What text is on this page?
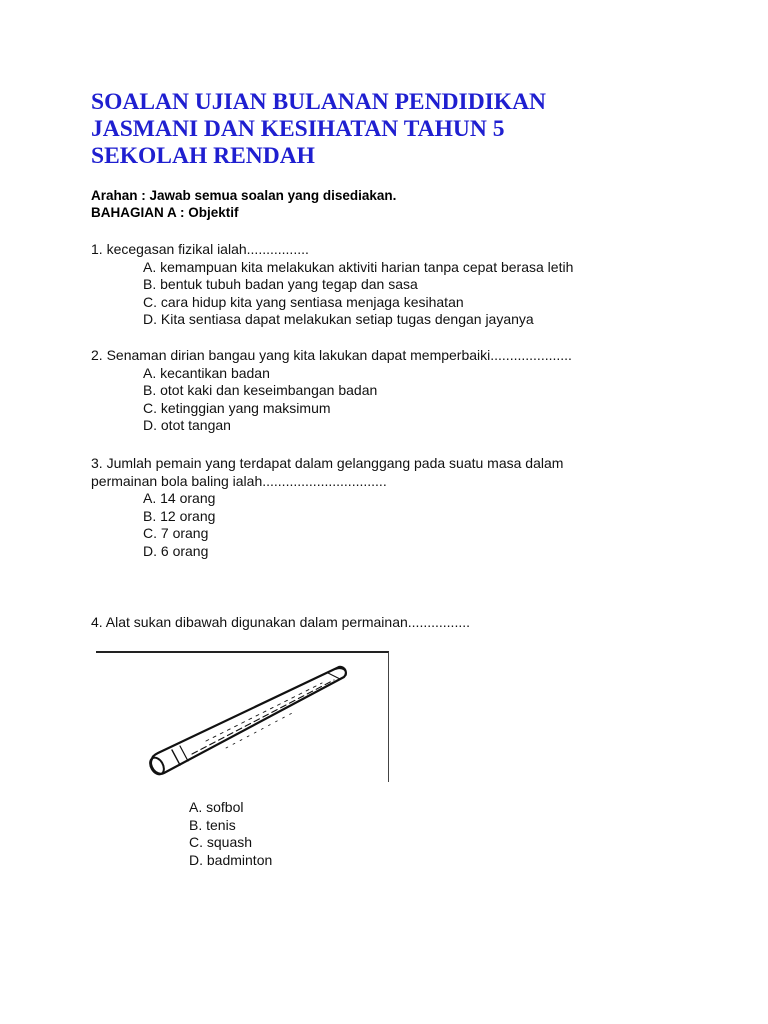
SOALAN UJIAN BULANAN PENDIDIKAN
JASMANI DAN KESIHATAN TAHUN 5
SEKOLAH RENDAH
Arahan : Jawab semua soalan yang disediakan.
BAHAGIAN A : Objektif
1. kecegasan fizikal ialah................
A. kemampuan kita melakukan aktiviti harian tanpa cepat berasa letih
B. bentuk tubuh badan yang tegap dan sasa
C. cara hidup kita yang sentiasa menjaga kesihatan
D. Kita sentiasa dapat melakukan setiap tugas dengan jayanya
2. Senaman dirian bangau yang kita lakukan dapat memperbaiki.....................
A. kecantikan badan
B. otot kaki dan keseimbangan badan
C. ketinggian yang maksimum
D. otot tangan
3. Jumlah pemain yang terdapat dalam gelanggang pada suatu masa dalam
permainan bola baling ialah................................
A. 14 orang
B. 12 orang
C. 7 orang
D. 6 orang
4. Alat sukan dibawah digunakan dalam permainan................
A. sofbol
B. tenis
C. squash
D. badminton
